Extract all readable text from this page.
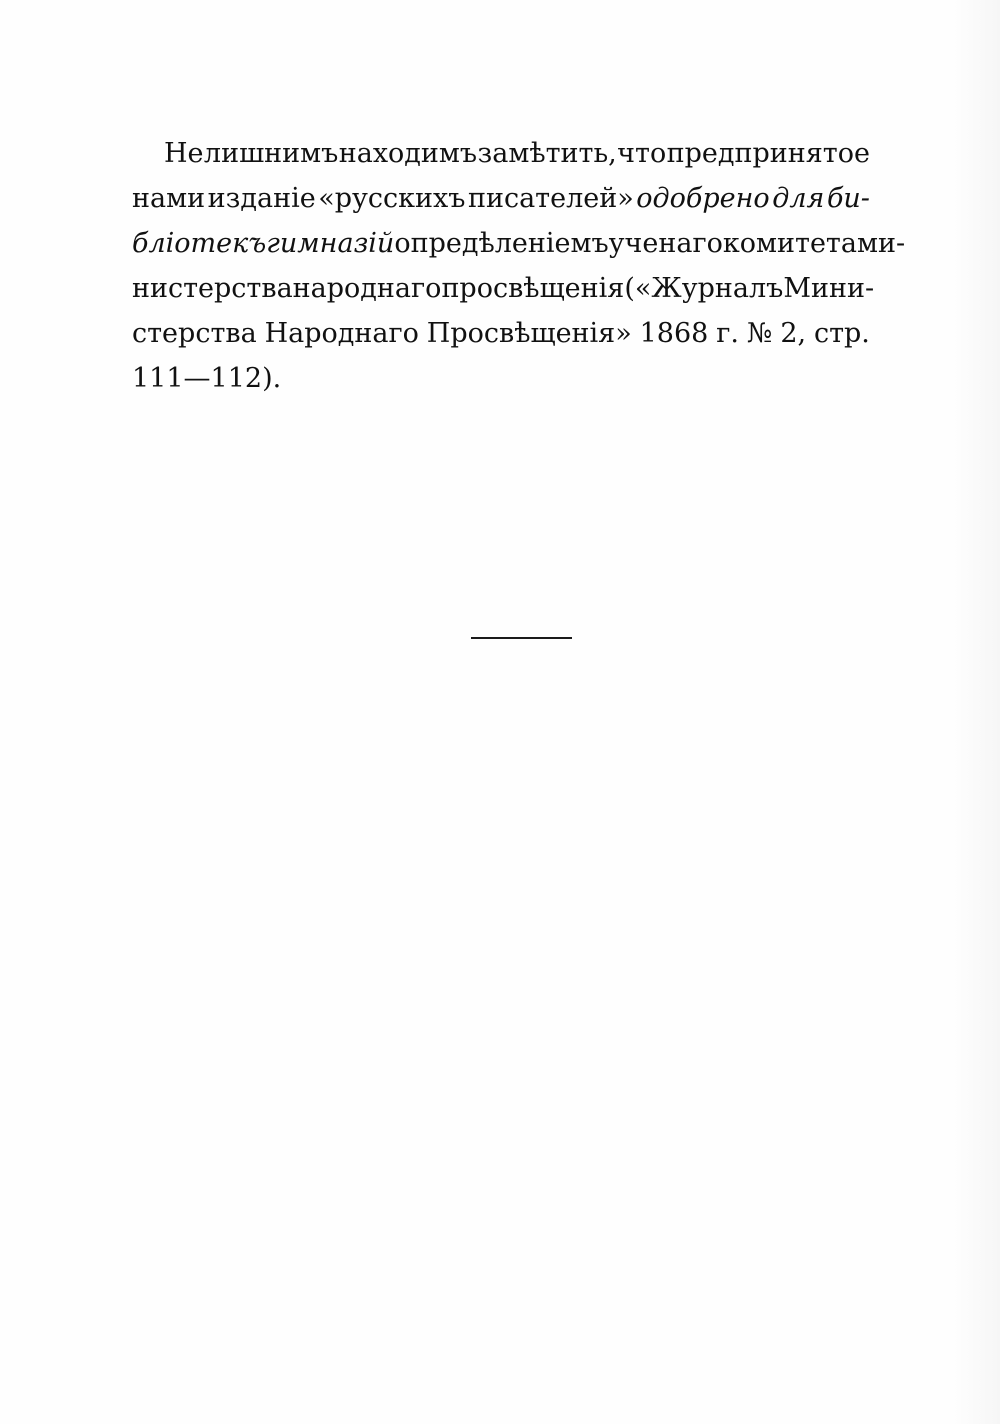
Не лишнимъ находимъ замѣтить, что предпринятое
нами изданіе «русскихъ писателей» одобрено для би-
бліотекъ гимназій опредѣленіемъ ученаго комитета ми-
нистерства народнаго просвѣщенія («Журналъ Мини-
стерства Народнаго Просвѣщенія» 1868 г. № 2, стр.
111—112).
